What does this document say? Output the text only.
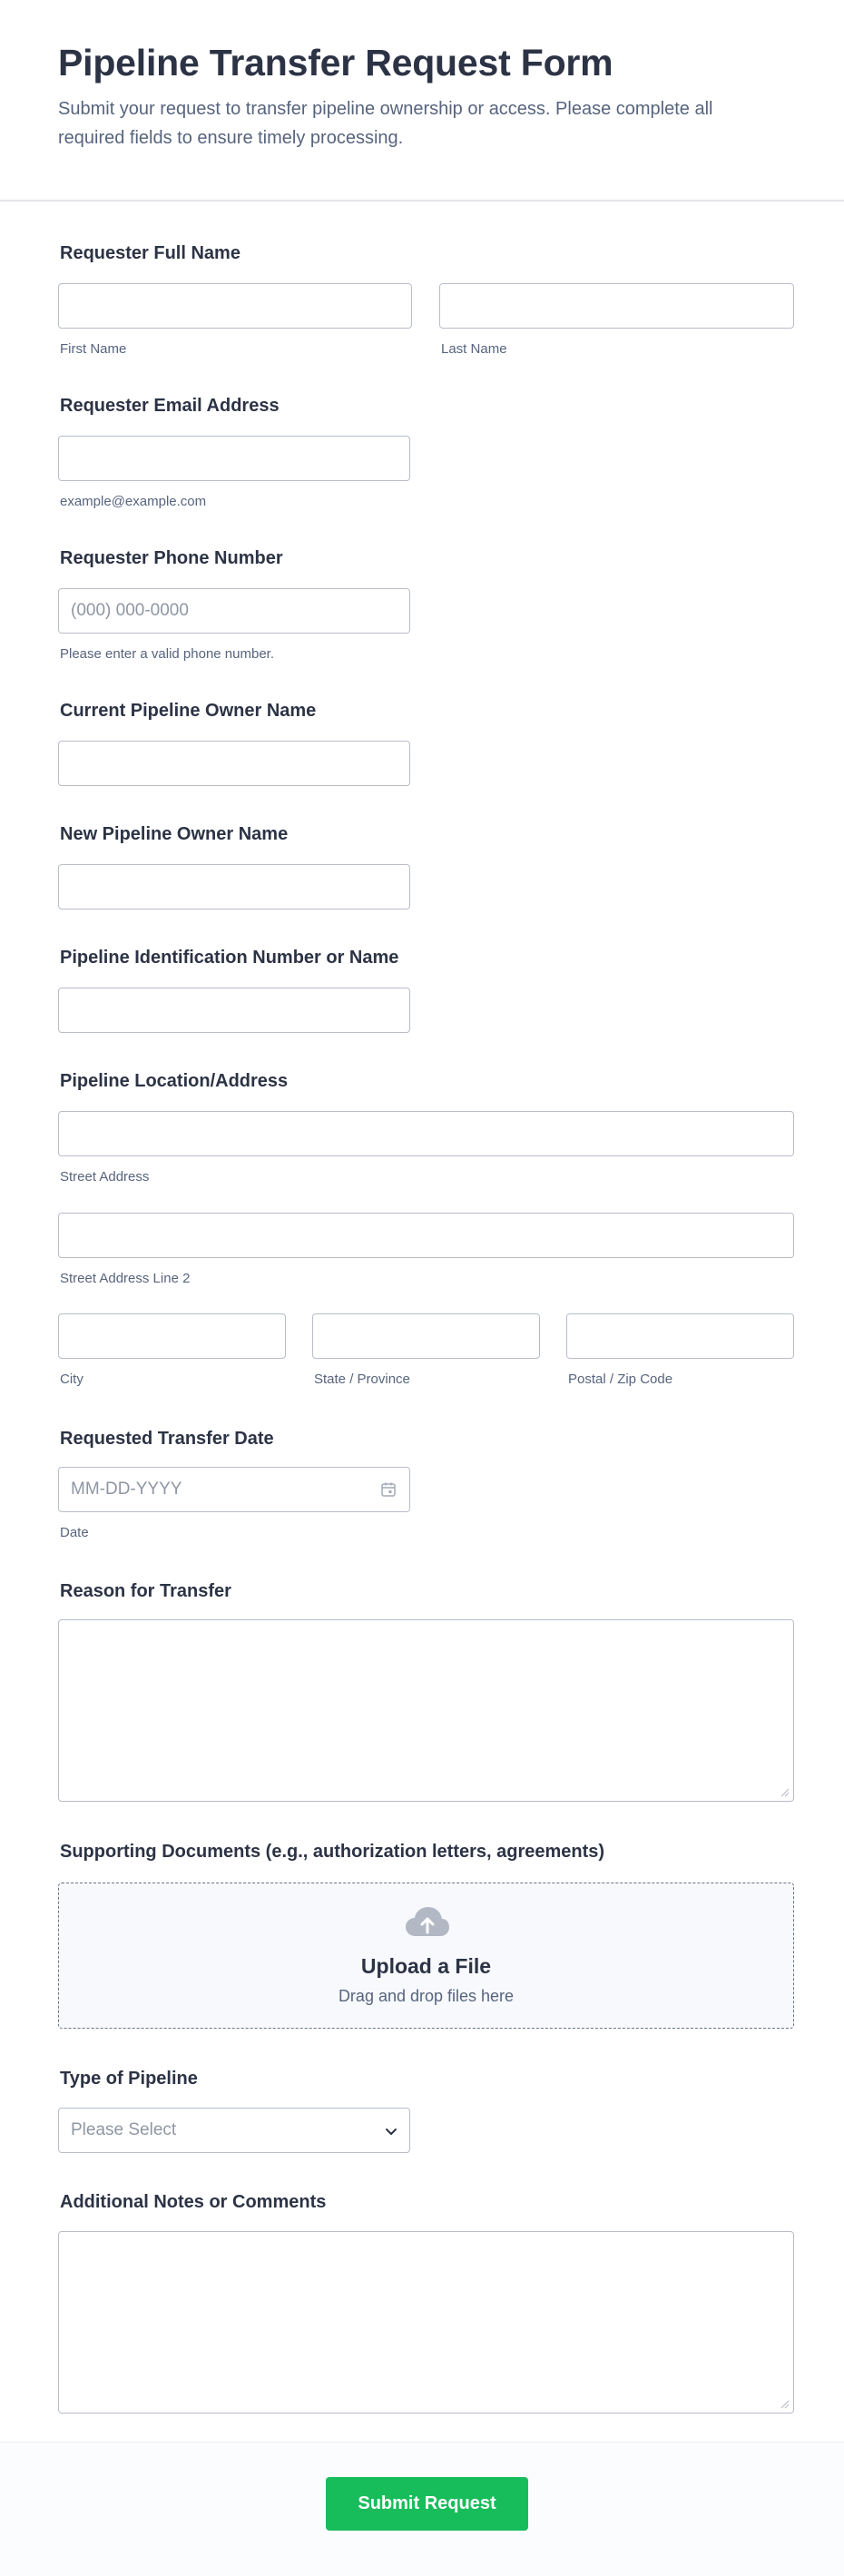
Pipeline Transfer Request Form

Submit your request to transfer pipeline ownership or access. Please complete all required fields to ensure timely processing.

Requester Full Name
First Name	Last Name
Requester Email Address
example@example.com
Requester Phone Number
(000) 000-0000
Please enter a valid phone number.
Current Pipeline Owner Name
New Pipeline Owner Name
Pipeline Identification Number or Name
Pipeline Location/Address
Street Address
Street Address Line 2
City	State / Province	Postal / Zip Code
Requested Transfer Date
MM-DD-YYYY
Date
Reason for Transfer
Supporting Documents (e.g., authorization letters, agreements)
Upload a File
Drag and drop files here
Type of Pipeline
Please Select
Additional Notes or Comments
Submit Request
